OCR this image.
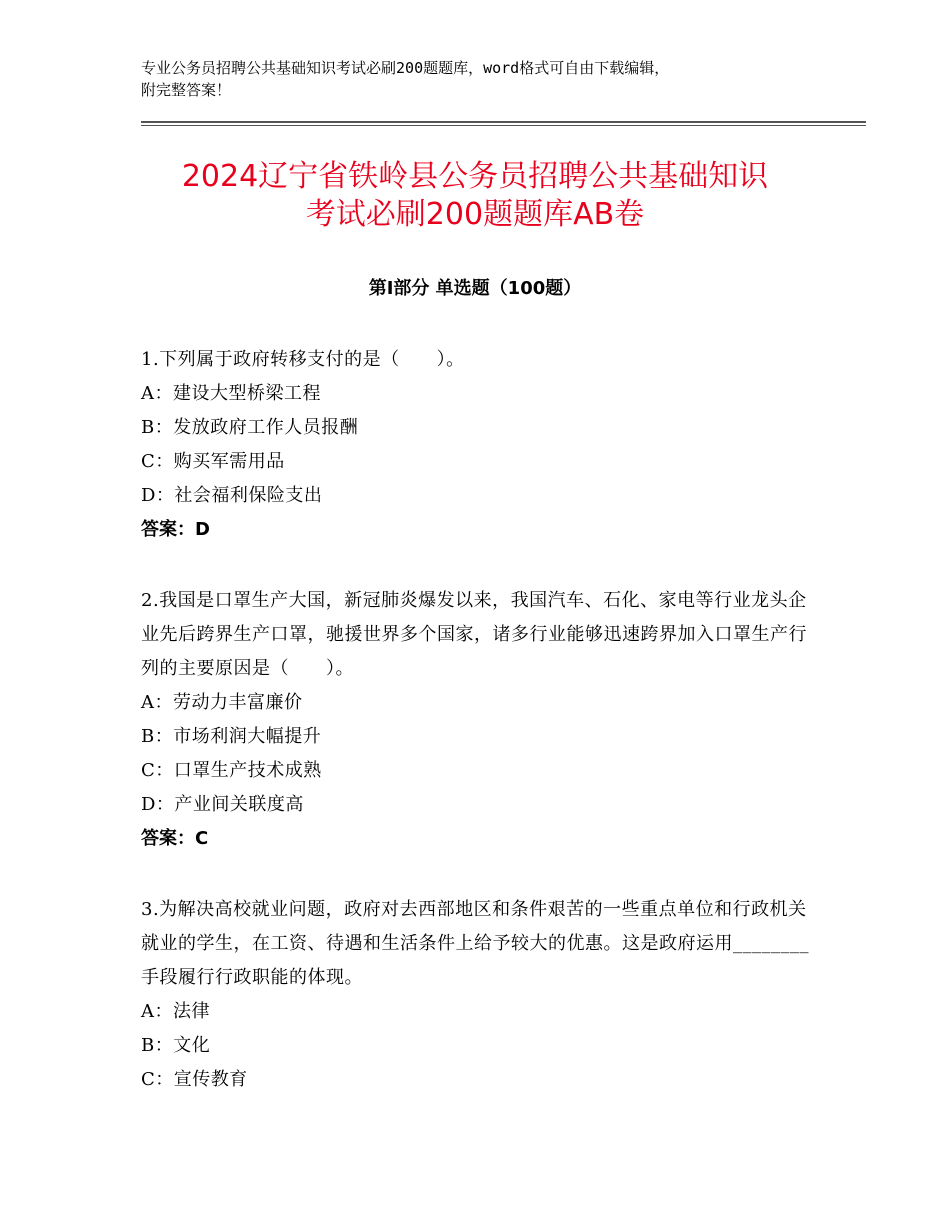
专业公务员招聘公共基础知识考试必刷200题题库，word格式可自由下载编辑，
附完整答案！
2024辽宁省铁岭县公务员招聘公共基础知识
考试必刷200题题库AB卷
第Ⅰ部分 单选题（100题）
1.下列属于政府转移支付的是（　　）。
A：建设大型桥梁工程
B：发放政府工作人员报酬
C：购买军需用品
D：社会福利保险支出
答案：D
2.我国是口罩生产大国，新冠肺炎爆发以来，我国汽车、石化、家电等行业龙头企业先后跨界生产口罩，驰援世界多个国家，诸多行业能够迅速跨界加入口罩生产行列的主要原因是（　　）。
A：劳动力丰富廉价
B：市场利润大幅提升
C：口罩生产技术成熟
D：产业间关联度高
答案：C
3.为解决高校就业问题，政府对去西部地区和条件艰苦的一些重点单位和行政机关就业的学生，在工资、待遇和生活条件上给予较大的优惠。这是政府运用________手段履行行政职能的体现。
A：法律
B：文化
C：宣传教育
